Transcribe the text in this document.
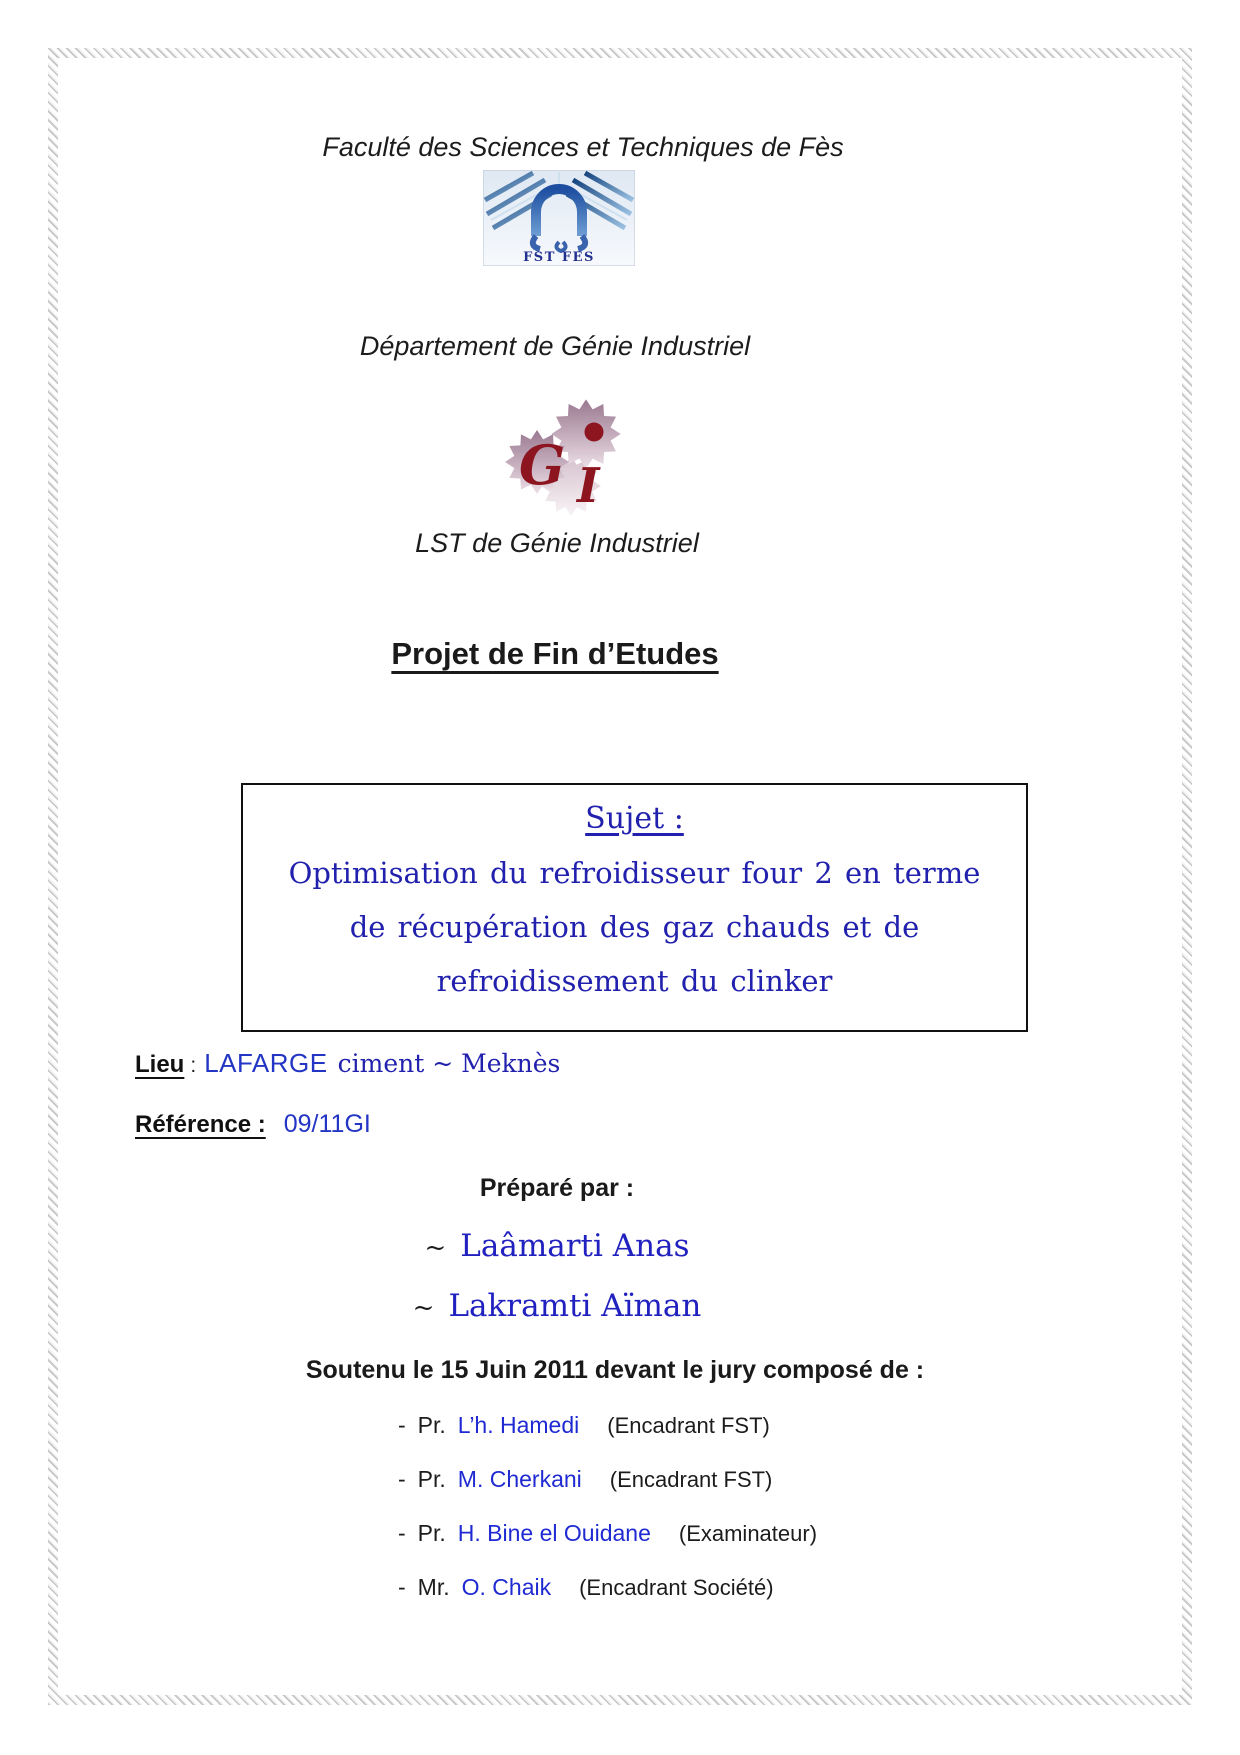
Faculté des Sciences et Techniques de Fès
FST FES
Département de Génie Industriel
G I
LST de Génie Industriel
Projet de Fin d’Etudes
Sujet :
Optimisation du refroidisseur four 2 en terme
de récupération des gaz chauds et de
refroidissement du clinker
Lieu : LAFARGE ciment ~ Meknès
Référence : 09/11GI
Préparé par :
~ Laâmarti Anas
~ Lakramti Aïman
Soutenu le 15 Juin 2011 devant le jury composé de :
- Pr. L’h. Hamedi (Encadrant FST)
- Pr. M. Cherkani (Encadrant FST)
- Pr. H. Bine el Ouidane (Examinateur)
- Mr. O. Chaik (Encadrant Société)
